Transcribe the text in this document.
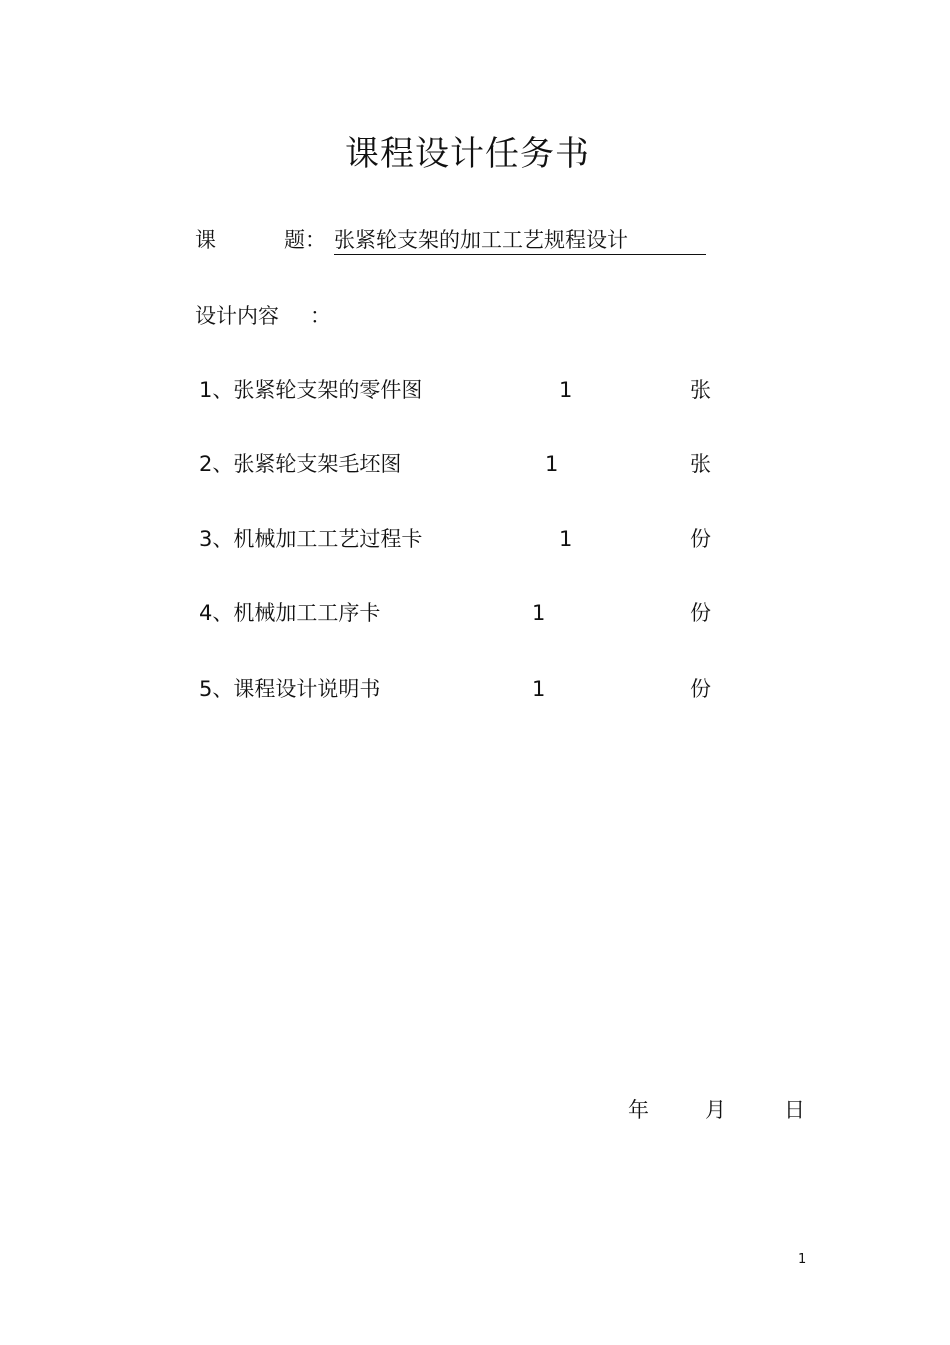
课程设计任务书
课	题： 张紧轮支架的加工工艺规程设计
设计内容 ：
1、张紧轮支架的零件图	1	张
2、张紧轮支架毛坯图	1	张
3、机械加工工艺过程卡	1	份
4、机械加工工序卡	1	份
5、课程设计说明书	1	份
年	月	日
1
